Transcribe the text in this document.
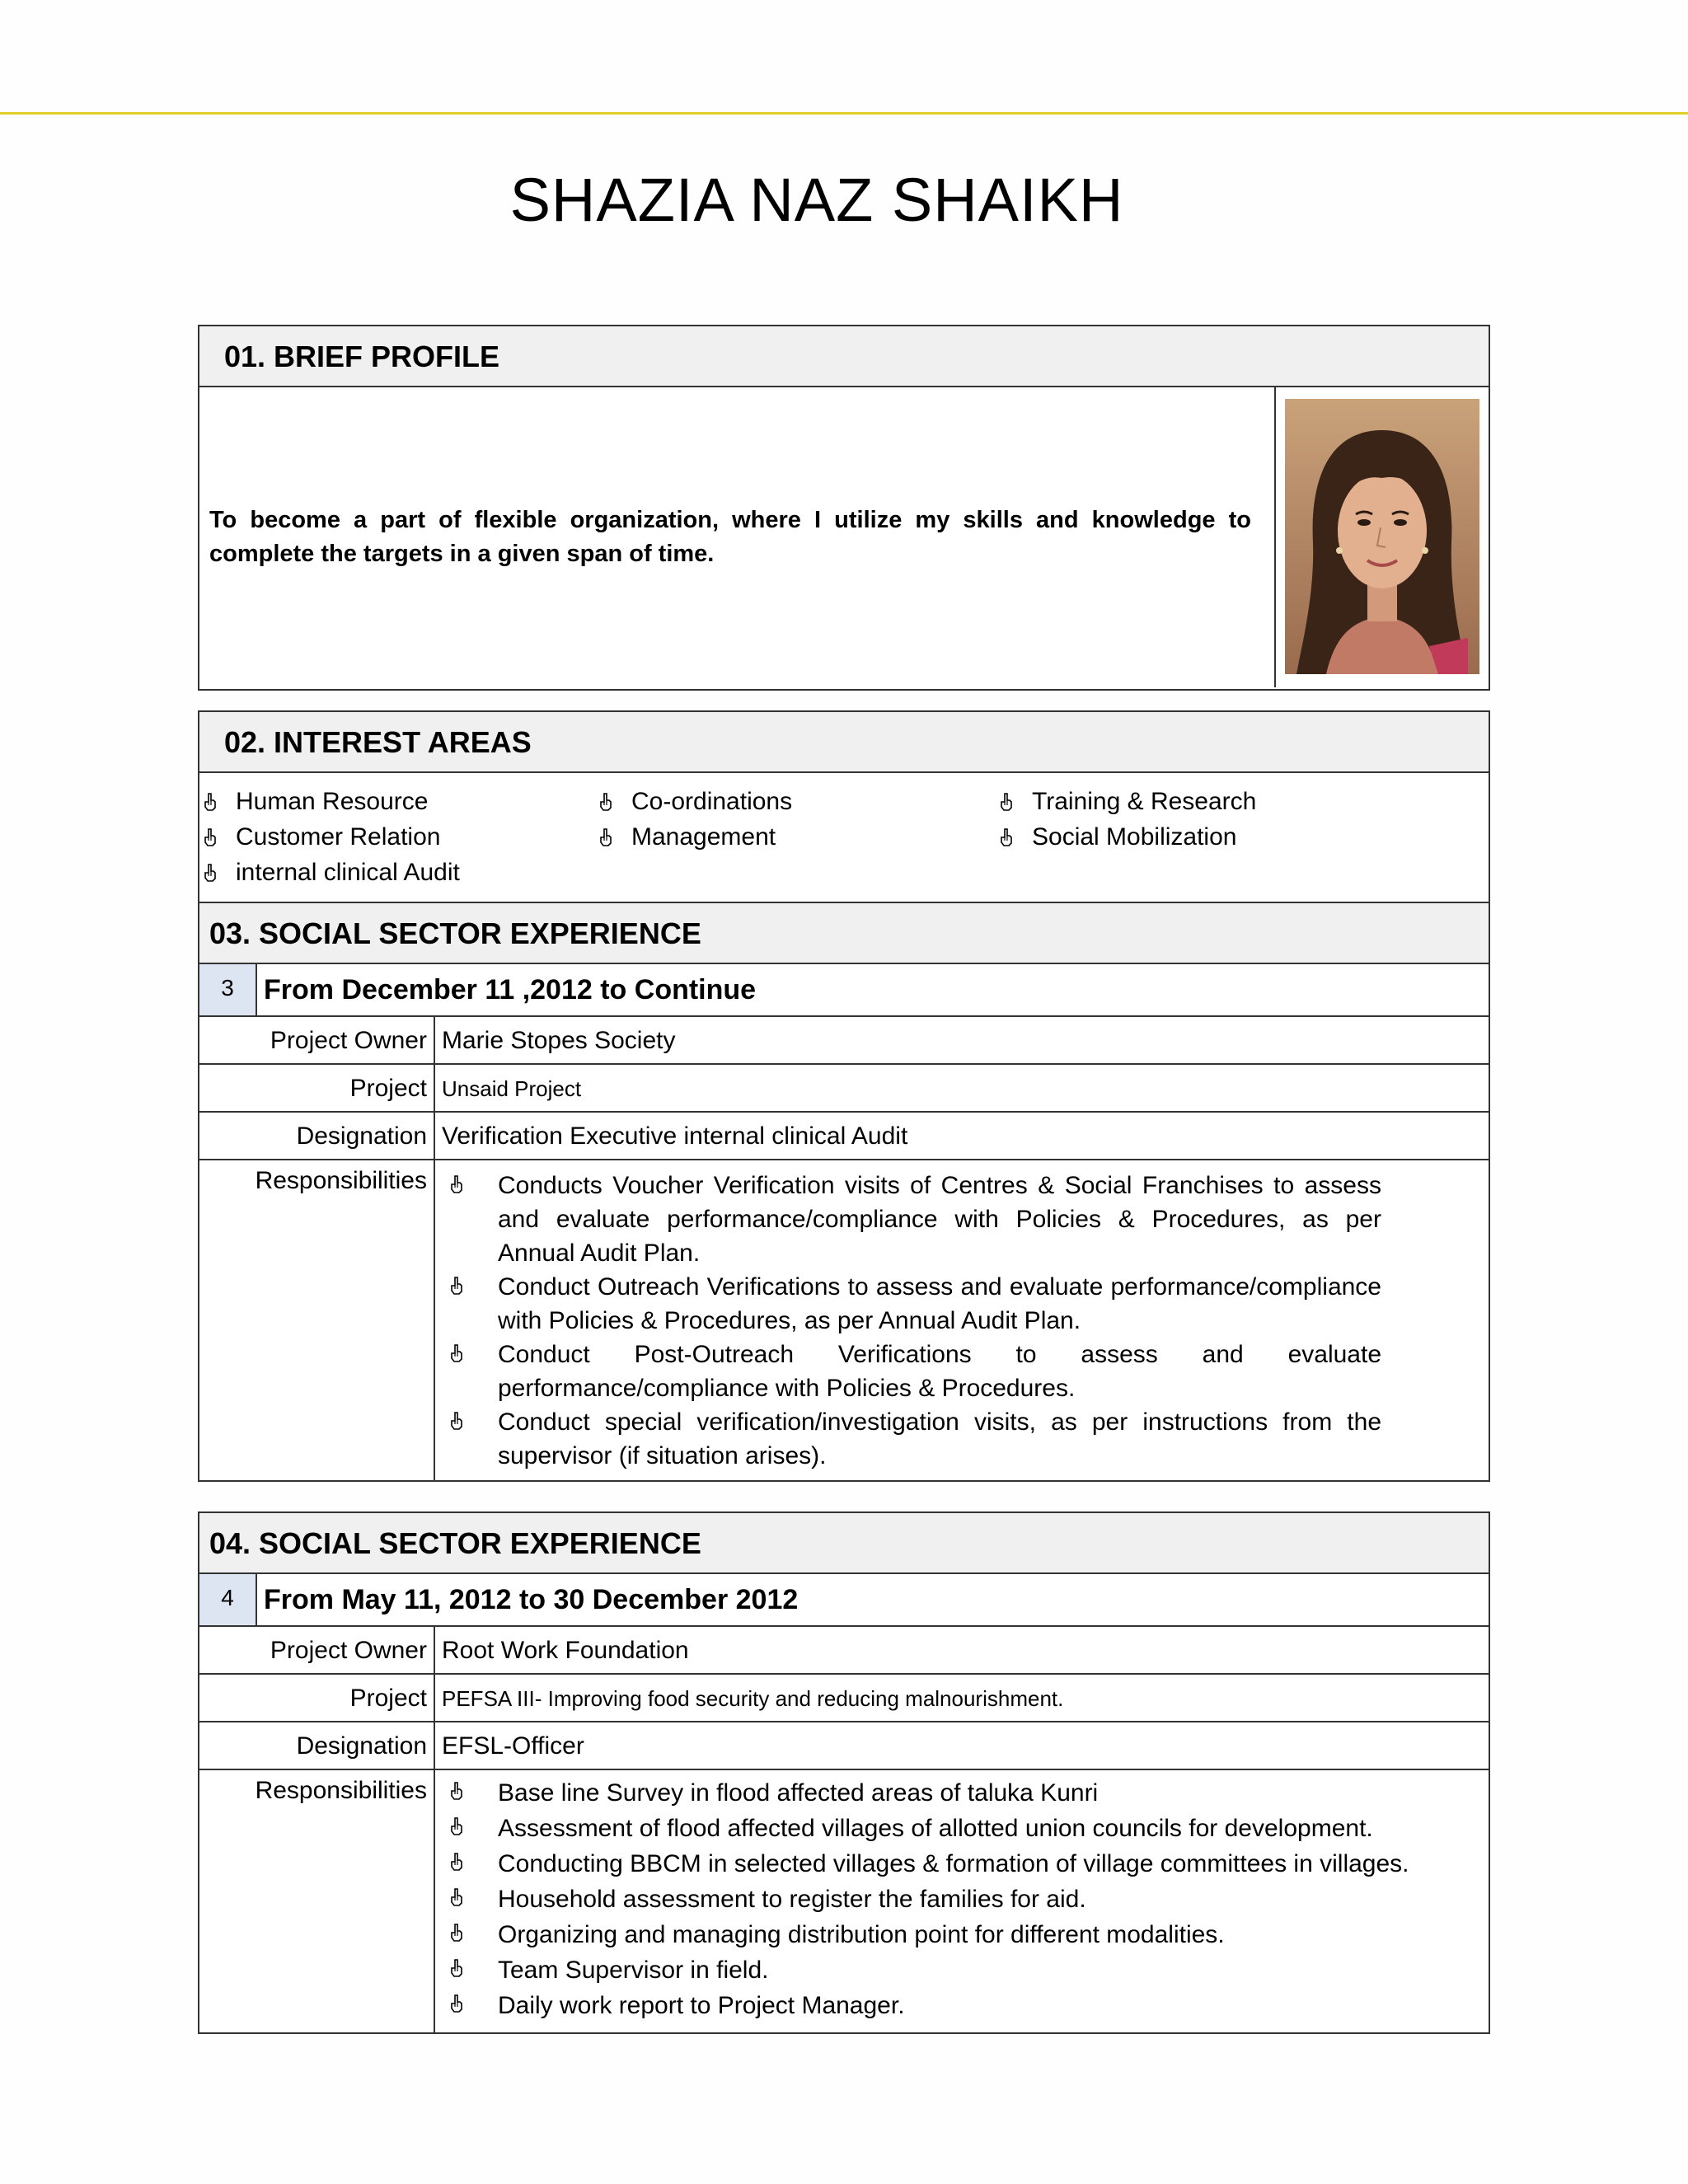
SHAZIA NAZ SHAIKH
01. BRIEF PROFILE
To become a part of flexible organization, where I utilize my skills and knowledge to complete the targets in a given span of time.
02. INTEREST AREAS
Human Resource	Co-ordinations	Training & Research
Customer Relation	Management	Social Mobilization
internal clinical Audit
03. SOCIAL SECTOR EXPERIENCE
3	From December 11 ,2012 to Continue
Project Owner Marie Stopes Society
Project Unsaid Project
Designation Verification Executive internal clinical Audit
Responsibilities	Conducts Voucher Verification visits of Centres & Social Franchises to assess and evaluate performance/compliance with Policies & Procedures, as per Annual Audit Plan.
Conduct Outreach Verifications to assess and evaluate performance/compliance with Policies & Procedures, as per Annual Audit Plan.
Conduct Post-Outreach Verifications to assess and evaluate performance/compliance with Policies & Procedures.
Conduct special verification/investigation visits, as per instructions from the supervisor (if situation arises).
04. SOCIAL SECTOR EXPERIENCE
4	From May 11, 2012 to 30 December 2012
Project Owner Root Work Foundation
Project PEFSA III- Improving food security and reducing malnourishment.
Designation EFSL-Officer
Responsibilities	Base line Survey in flood affected areas of taluka Kunri
Assessment of flood affected villages of allotted union councils for development.
Conducting BBCM in selected villages & formation of village committees in villages.
Household assessment to register the families for aid.
Organizing and managing distribution point for different modalities.
Team Supervisor in field.
Daily work report to Project Manager.
